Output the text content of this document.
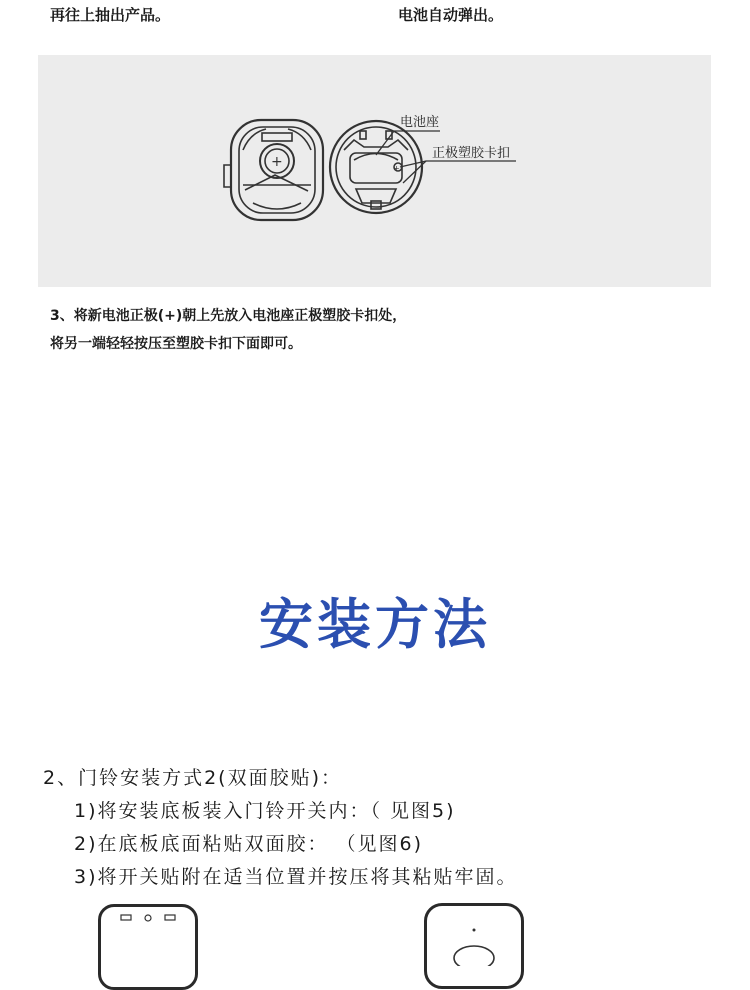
再往上抽出产品。	电池自动弹出。
+	+
电池座
正极塑胶卡扣
3、将新电池正极(+)朝上先放入电池座正极塑胶卡扣处，
将另一端轻轻按压至塑胶卡扣下面即可。
安装方法
2、门铃安装方式2(双面胶贴)：
1)将安装底板装入门铃开关内：（ 见图5)
2)在底板底面粘贴双面胶： （见图6)
3)将开关贴附在适当位置并按压将其粘贴牢固。
